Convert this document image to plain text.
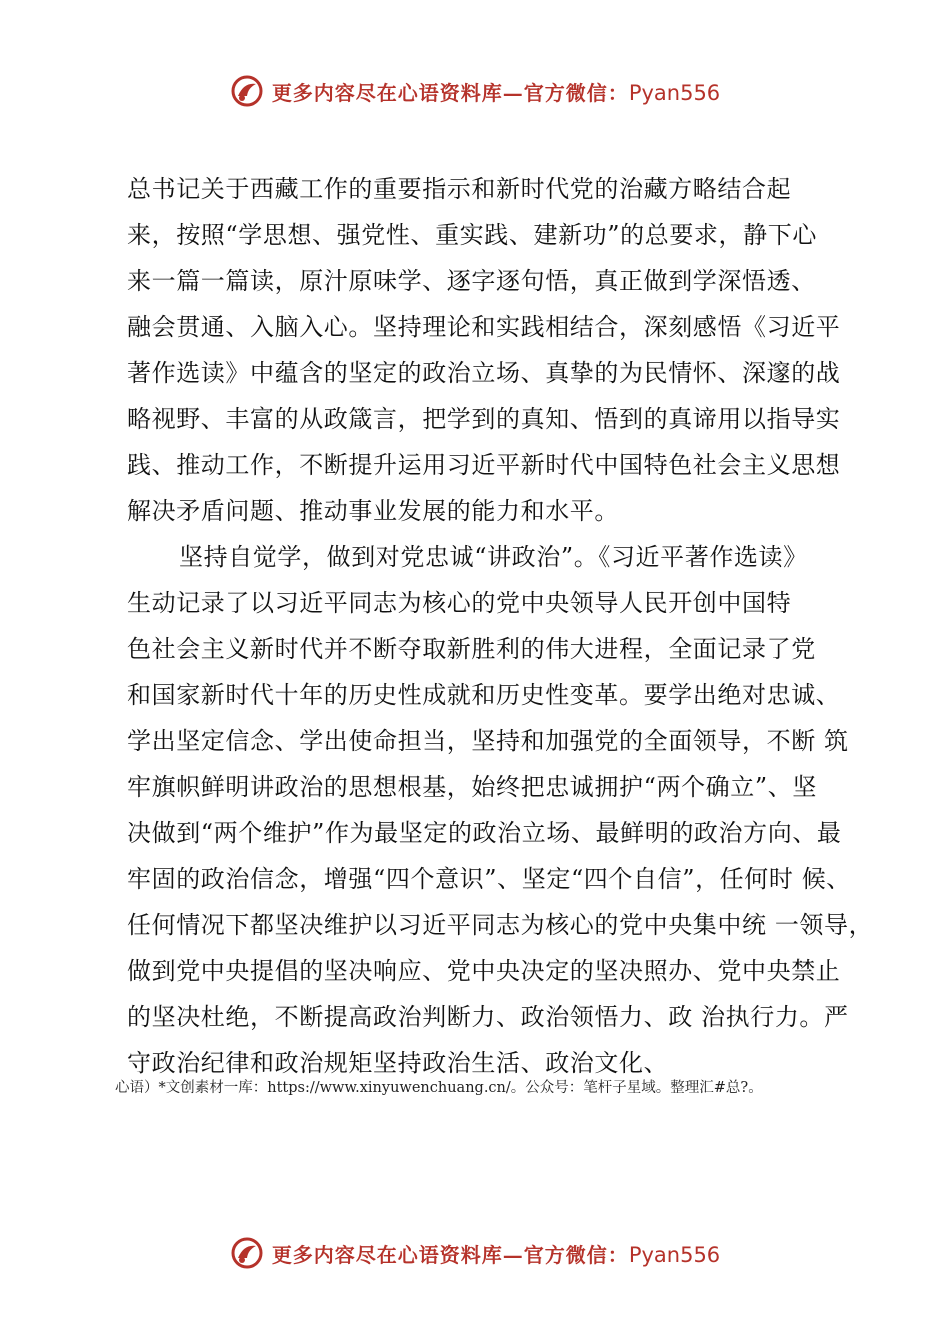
更多内容尽在心语资料库—官方微信：Pyan556
总书记关于西藏工作的重要指示和新时代党的治藏方略结合起
来，按照“学思想、强党性、重实践、建新功”的总要求，静下心
来一篇一篇读，原汁原味学、逐字逐句悟，真正做到学深悟透、
融会贯通、入脑入心。坚持理论和实践相结合，深刻感悟《习近平
著作选读》中蕴含的坚定的政治立场、真挚的为民情怀、深邃的战
略视野、丰富的从政箴言，把学到的真知、悟到的真谛用以指导实
践、推动工作，不断提升运用习近平新时代中国特色社会主义思想
解决矛盾问题、推动事业发展的能力和水平。
坚持自觉学，做到对党忠诚“讲政治”。《习近平著作选读》
生动记录了以习近平同志为核心的党中央领导人民开创中国特
色社会主义新时代并不断夺取新胜利的伟大进程，全面记录了党
和国家新时代十年的历史性成就和历史性变革。要学出绝对忠诚、
学出坚定信念、学出使命担当，坚持和加强党的全面领导，不断 筑
牢旗帜鲜明讲政治的思想根基，始终把忠诚拥护“两个确立”、坚
决做到“两个维护”作为最坚定的政治立场、最鲜明的政治方向、最
牢固的政治信念，增强“四个意识”、坚定“四个自信”，任何时 候、
任何情况下都坚决维护以习近平同志为核心的党中央集中统 一领导，
做到党中央提倡的坚决响应、党中央决定的坚决照办、党中央禁止
的坚决杜绝，不断提高政治判断力、政治领悟力、政 治执行力。严
守政治纪律和政治规矩坚持政治生活、政治文化、
心语）*文创素材一库：https://www.xinyuwenchuang.cn/。公众号：笔杆子星域。整理汇#总?。
更多内容尽在心语资料库—官方微信：Pyan556
